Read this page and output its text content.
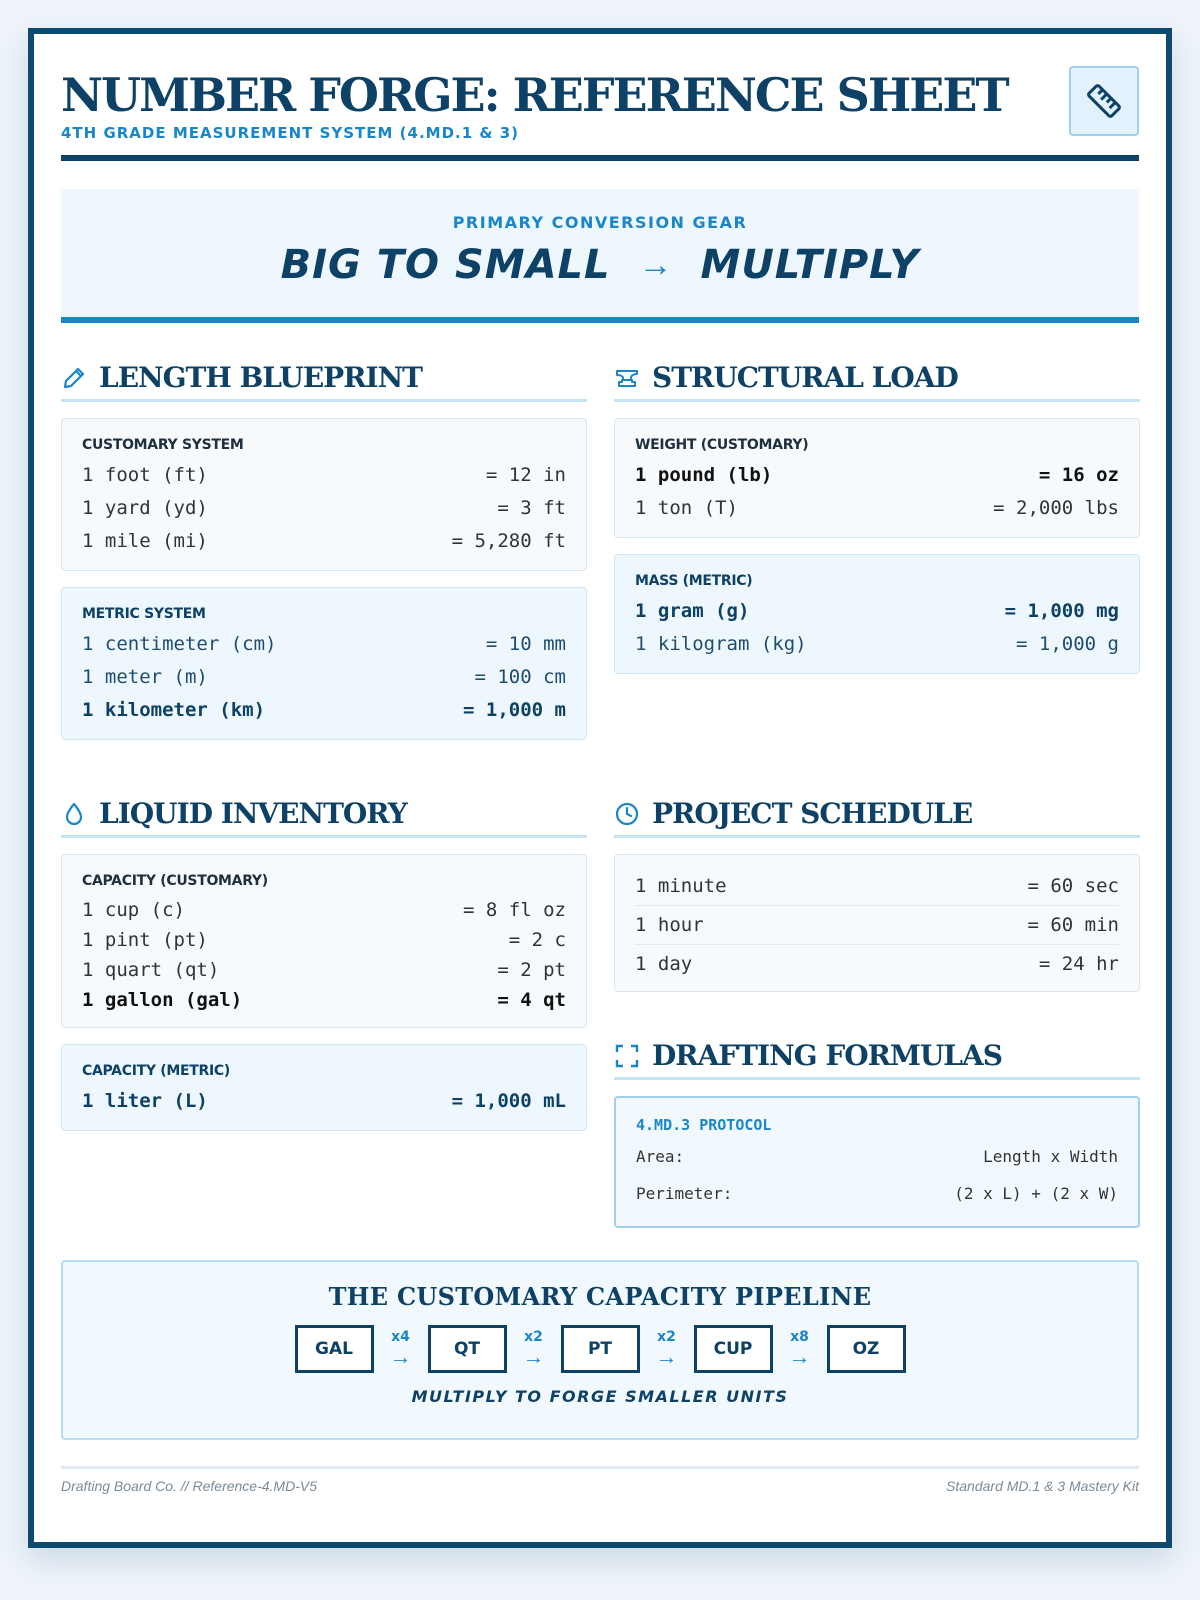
NUMBER FORGE: REFERENCE SHEET
4TH GRADE MEASUREMENT SYSTEM (4.MD.1 & 3)
PRIMARY CONVERSION GEAR
BIG TO SMALL → MULTIPLY
LENGTH BLUEPRINT
CUSTOMARY SYSTEM
1 foot (ft)	= 12 in
1 yard (yd)	= 3 ft
1 mile (mi)	= 5,280 ft
METRIC SYSTEM
1 centimeter (cm)	= 10 mm
1 meter (m)	= 100 cm
1 kilometer (km)	= 1,000 m
STRUCTURAL LOAD
WEIGHT (CUSTOMARY)
1 pound (lb)	= 16 oz
1 ton (T)	= 2,000 lbs
MASS (METRIC)
1 gram (g)	= 1,000 mg
1 kilogram (kg)	= 1,000 g
LIQUID INVENTORY
CAPACITY (CUSTOMARY)
1 cup (c)	= 8 fl oz
1 pint (pt)	= 2 c
1 quart (qt)	= 2 pt
1 gallon (gal)	= 4 qt
CAPACITY (METRIC)
1 liter (L)	= 1,000 mL
PROJECT SCHEDULE
1 minute	= 60 sec
1 hour	= 60 min
1 day	= 24 hr
DRAFTING FORMULAS
4.MD.3 PROTOCOL
Area:	Length x Width
Perimeter:	(2 x L) + (2 x W)
THE CUSTOMARY CAPACITY PIPELINE
GAL
x4
→	QT
x2
→	PT
x2
→	CUP
x8
→	OZ
MULTIPLY TO FORGE SMALLER UNITS
Drafting Board Co. // Reference-4.MD-V5	Standard MD.1 & 3 Mastery Kit
